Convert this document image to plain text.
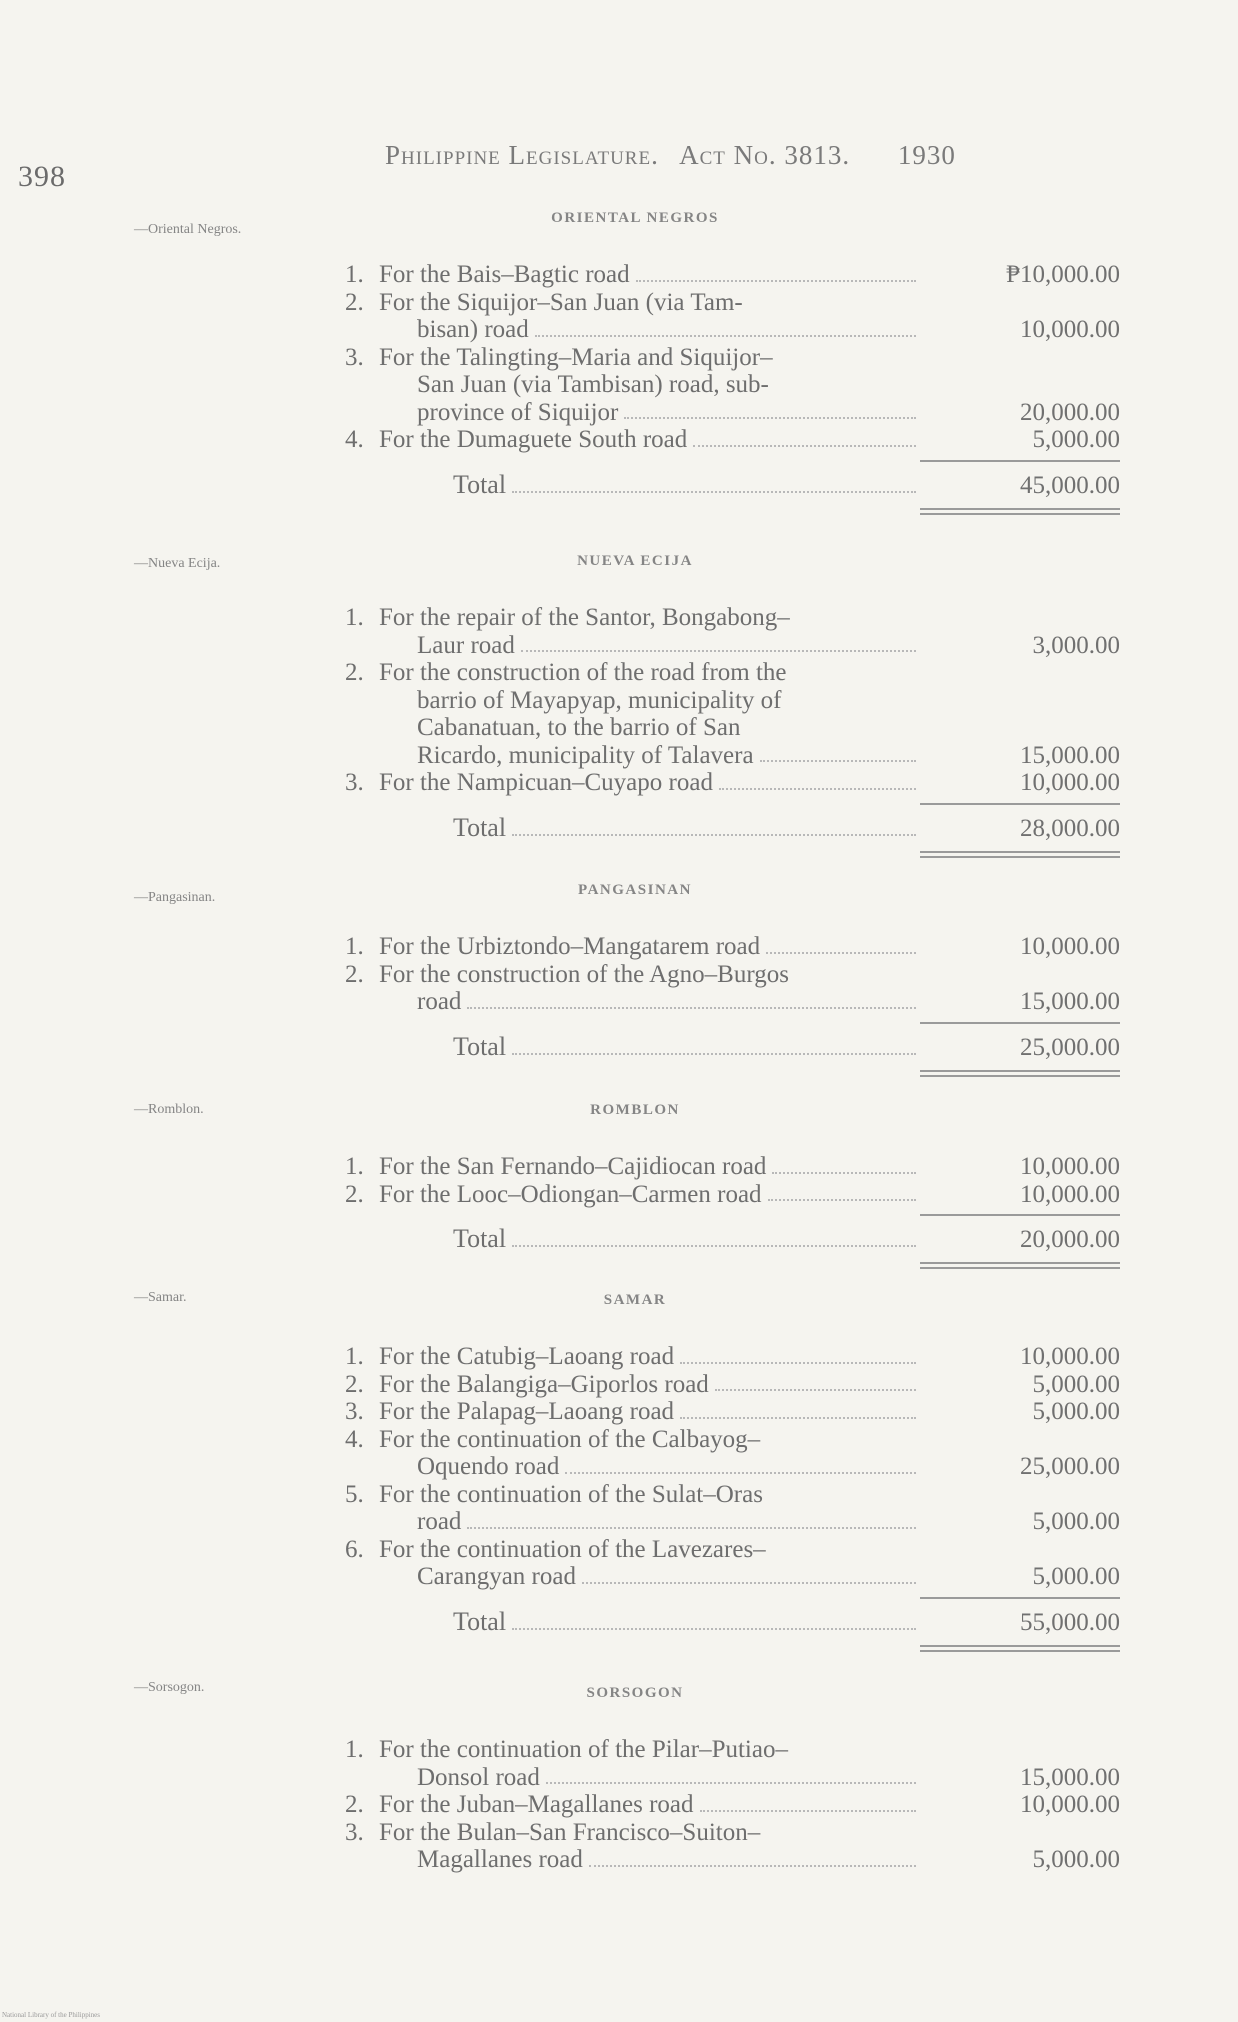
398
Philippine Legislature. Act No. 3813. 1930
—Oriental Negros.
ORIENTAL NEGROS
1. For the Bais–Bagtic road	₱10,000.00
2. For the Siquijor–San Juan (via Tam-
bisan) road	10,000.00
3. For the Talingting–Maria and Siquijor–
San Juan (via Tambisan) road, sub-
province of Siquijor	20,000.00
4. For the Dumaguete South road	5,000.00
Total	45,000.00
—Nueva Ecija.	NUEVA ECIJA
1. For the repair of the Santor, Bongabong–
Laur road	3,000.00
2. For the construction of the road from the
barrio of Mayapyap, municipality of
Cabanatuan, to the barrio of San
Ricardo, municipality of Talavera	15,000.00
3. For the Nampicuan–Cuyapo road	10,000.00
Total	28,000.00
—Pangasinan.	PANGASINAN
1. For the Urbiztondo–Mangatarem road	10,000.00
2. For the construction of the Agno–Burgos
road	15,000.00
Total	25,000.00
—Romblon.	ROMBLON
1. For the San Fernando–Cajidiocan road	10,000.00
2. For the Looc–Odiongan–Carmen road	10,000.00
Total	20,000.00
—Samar.	SAMAR
1. For the Catubig–Laoang road	10,000.00
2. For the Balangiga–Giporlos road	5,000.00
3. For the Palapag–Laoang road	5,000.00
4. For the continuation of the Calbayog–
Oquendo road	25,000.00
5. For the continuation of the Sulat–Oras
road	5,000.00
6. For the continuation of the Lavezares–
Carangyan road	5,000.00
Total	55,000.00
—Sorsogon.	SORSOGON
1. For the continuation of the Pilar–Putiao–
Donsol road	15,000.00
2. For the Juban–Magallanes road	10,000.00
3. For the Bulan–San Francisco–Suiton–
Magallanes road	5,000.00
National Library of the Philippines
